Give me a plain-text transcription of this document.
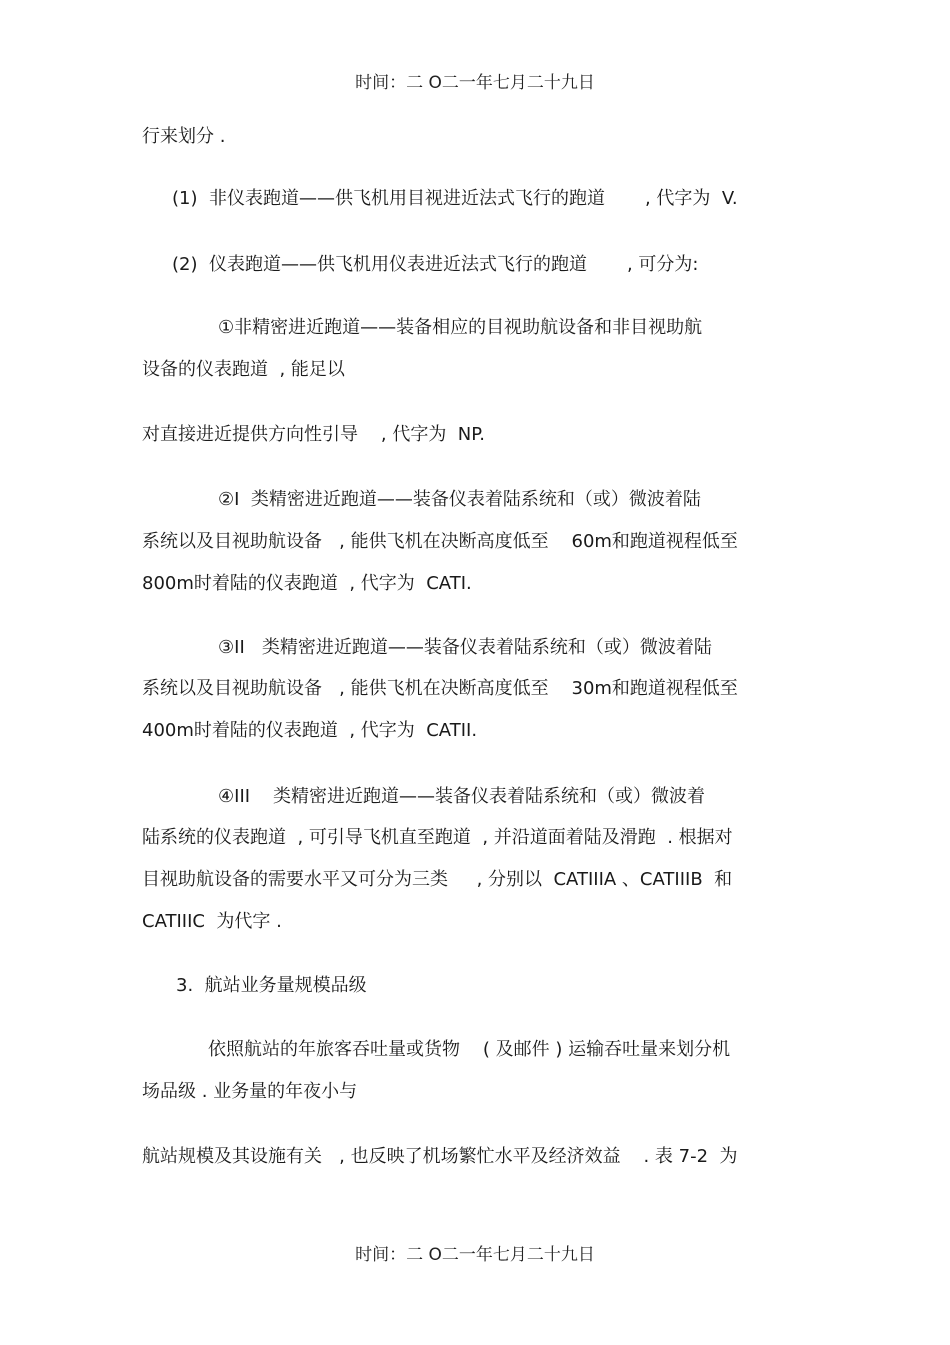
时间：二 O二一年七月二十九日
行来划分 .
(1)  非仪表跑道——供飞机用目视进近法式飞行的跑道       , 代字为  V.
(2)  仪表跑道——供飞机用仪表进近法式飞行的跑道       , 可分为:
①非精密进近跑道——装备相应的目视助航设备和非目视助航
设备的仪表跑道  , 能足以
对直接进近提供方向性引导    , 代字为  NP.
②I  类精密进近跑道——装备仪表着陆系统和（或）微波着陆
系统以及目视助航设备   , 能供飞机在决断高度低至    60m和跑道视程低至
800m时着陆的仪表跑道  , 代字为  CATI.
③II   类精密进近跑道——装备仪表着陆系统和（或）微波着陆
系统以及目视助航设备   , 能供飞机在决断高度低至    30m和跑道视程低至
400m时着陆的仪表跑道  , 代字为  CATII.
④III    类精密进近跑道——装备仪表着陆系统和（或）微波着
陆系统的仪表跑道  , 可引导飞机直至跑道  , 并沿道面着陆及滑跑  . 根据对
目视助航设备的需要水平又可分为三类     , 分别以  CATIIIA 、CATIIIB  和
CATIIIC  为代字 .
3.  航站业务量规模品级
依照航站的年旅客吞吐量或货物    ( 及邮件 ) 运输吞吐量来划分机
场品级 . 业务量的年夜小与
航站规模及其设施有关   , 也反映了机场繁忙水平及经济效益    . 表 7-2  为
时间：二 O二一年七月二十九日
